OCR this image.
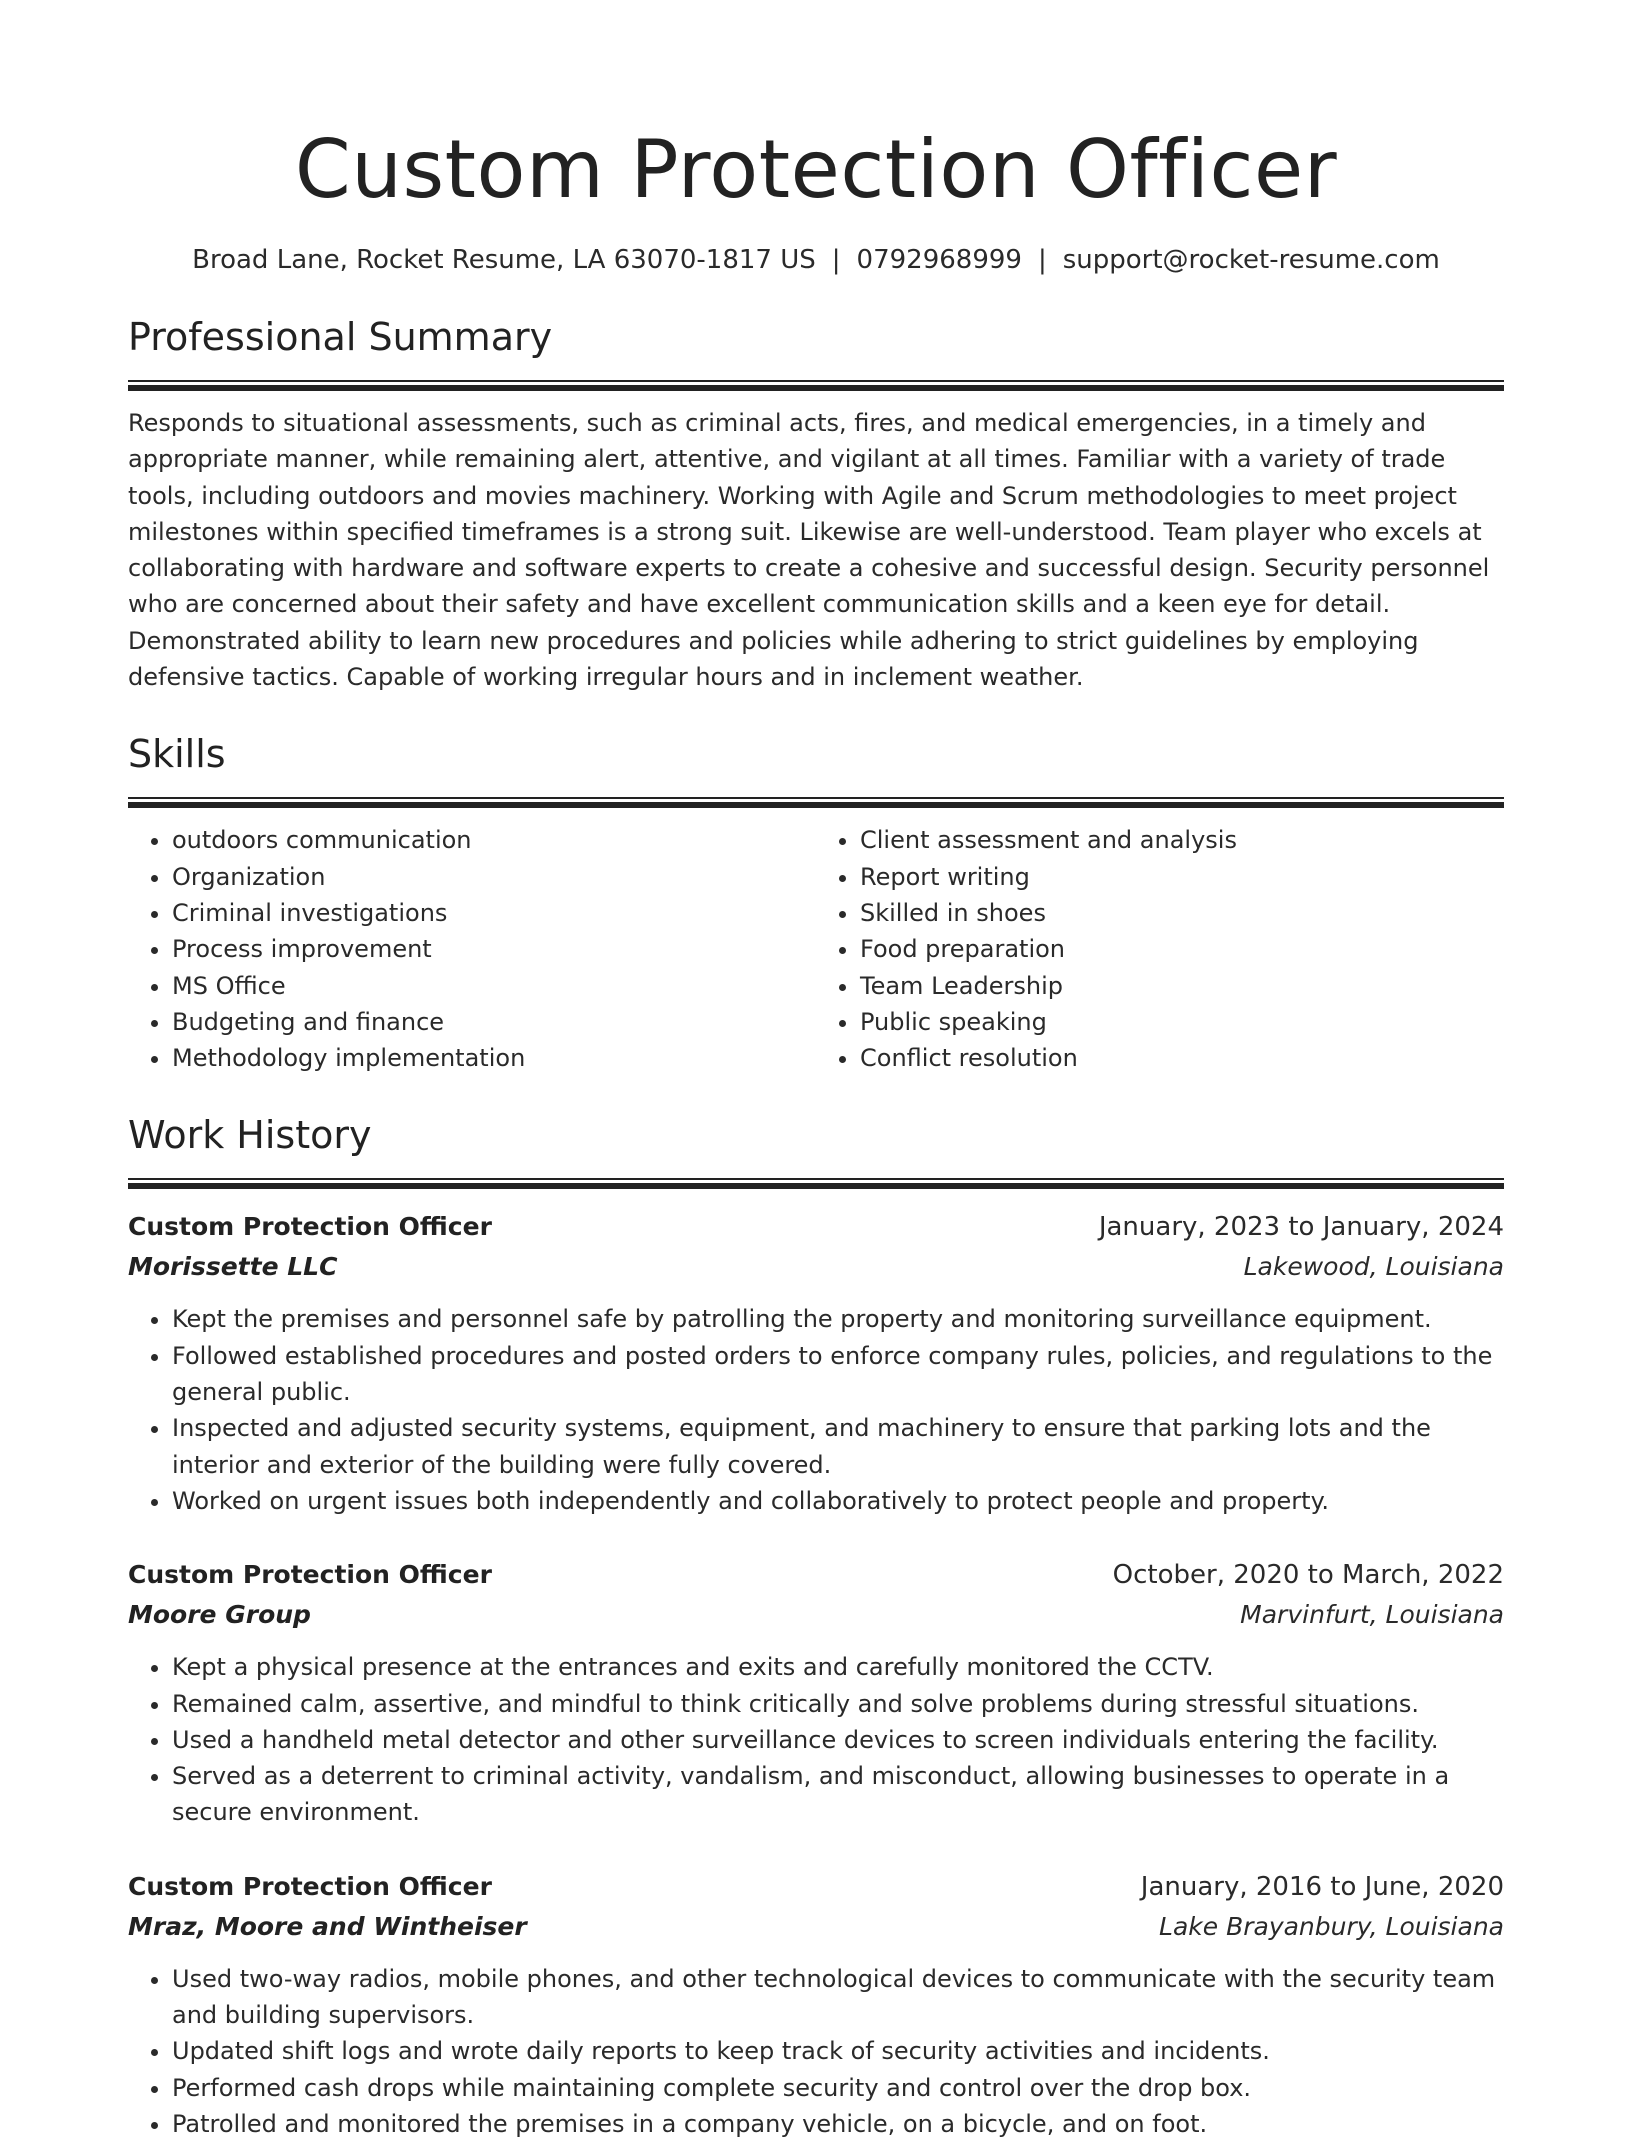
Custom Protection Officer
Broad Lane, Rocket Resume, LA 63070-1817 US | 0792968999 | support@rocket-resume.com
Professional Summary
Responds to situational assessments, such as criminal acts, fires, and medical emergencies, in a timely and appropriate manner, while remaining alert, attentive, and vigilant at all times. Familiar with a variety of trade tools, including outdoors and movies machinery. Working with Agile and Scrum methodologies to meet project milestones within specified timeframes is a strong suit. Likewise are well-understood. Team player who excels at collaborating with hardware and software experts to create a cohesive and successful design. Security personnel who are concerned about their safety and have excellent communication skills and a keen eye for detail. Demonstrated ability to learn new procedures and policies while adhering to strict guidelines by employing defensive tactics. Capable of working irregular hours and in inclement weather.
Skills
• outdoors communication
• Organization
• Criminal investigations
• Process improvement
• MS Office
• Budgeting and finance
• Methodology implementation
• Client assessment and analysis
• Report writing
• Skilled in shoes
• Food preparation
• Team Leadership
• Public speaking
• Conflict resolution
Work History
Custom Protection Officer	January, 2023 to January, 2024
Morissette LLC	Lakewood, Louisiana
• Kept the premises and personnel safe by patrolling the property and monitoring surveillance equipment.
• Followed established procedures and posted orders to enforce company rules, policies, and regulations to the general public.
• Inspected and adjusted security systems, equipment, and machinery to ensure that parking lots and the interior and exterior of the building were fully covered.
• Worked on urgent issues both independently and collaboratively to protect people and property.
Custom Protection Officer	October, 2020 to March, 2022
Moore Group	Marvinfurt, Louisiana
• Kept a physical presence at the entrances and exits and carefully monitored the CCTV.
• Remained calm, assertive, and mindful to think critically and solve problems during stressful situations.
• Used a handheld metal detector and other surveillance devices to screen individuals entering the facility.
• Served as a deterrent to criminal activity, vandalism, and misconduct, allowing businesses to operate in a secure environment.
Custom Protection Officer	January, 2016 to June, 2020
Mraz, Moore and Wintheiser	Lake Brayanbury, Louisiana
• Used two-way radios, mobile phones, and other technological devices to communicate with the security team and building supervisors.
• Updated shift logs and wrote daily reports to keep track of security activities and incidents.
• Performed cash drops while maintaining complete security and control over the drop box.
• Patrolled and monitored the premises in a company vehicle, on a bicycle, and on foot.
